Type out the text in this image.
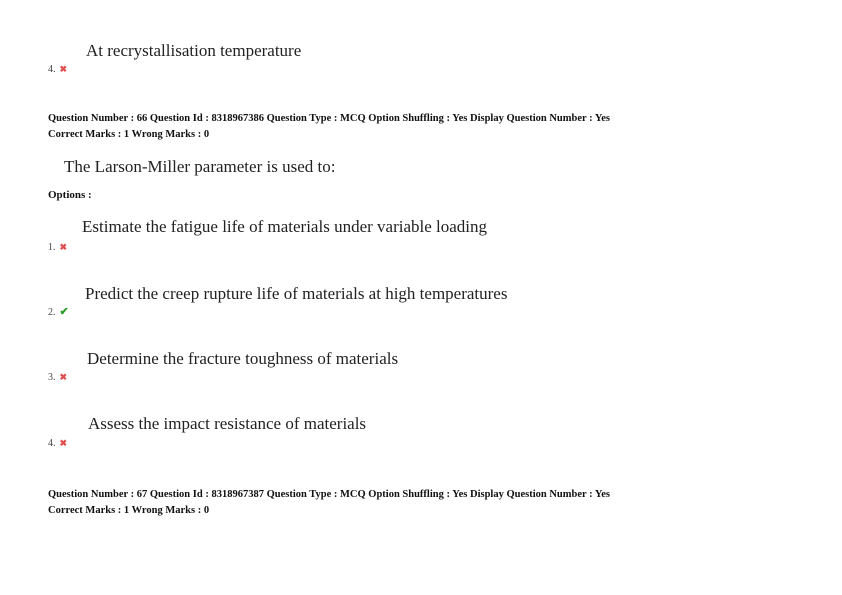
At recrystallisation temperature
4. ✖
Question Number : 66 Question Id : 8318967386 Question Type : MCQ Option Shuffling : Yes Display Question Number : Yes
Correct Marks : 1 Wrong Marks : 0
The Larson-Miller parameter is used to:
Options :
Estimate the fatigue life of materials under variable loading
1. ✖
Predict the creep rupture life of materials at high temperatures
2. ✔
Determine the fracture toughness of materials
3. ✖
Assess the impact resistance of materials
4. ✖
Question Number : 67 Question Id : 8318967387 Question Type : MCQ Option Shuffling : Yes Display Question Number : Yes
Correct Marks : 1 Wrong Marks : 0
